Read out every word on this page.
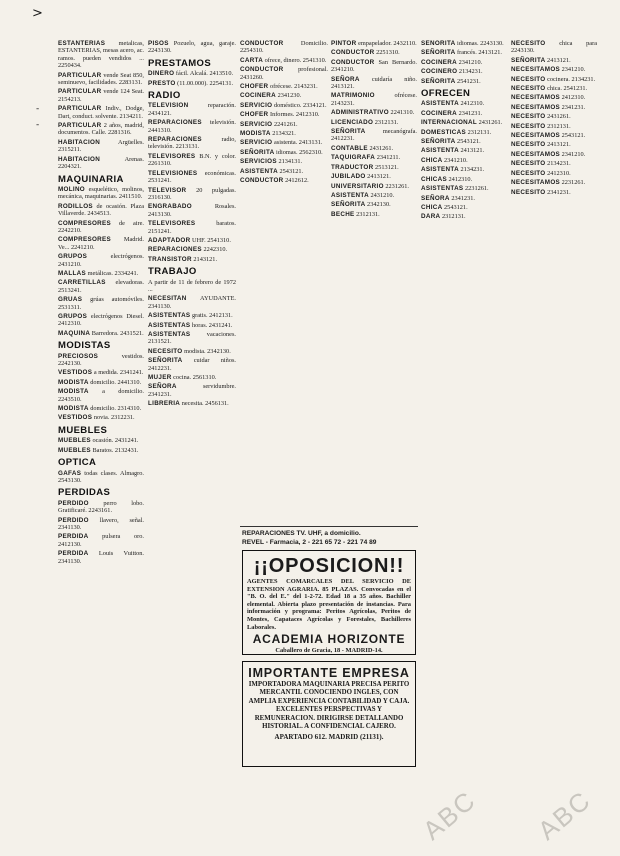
>
-
-
ESTANTERIAS metalicas, ESTANTERIAS, mesas acero, ac. ramos. pueden vendidos ... 2250434.
PARTICULAR vende Seat 850, seminuevo, facilidades. 2283131.
PARTICULAR vende 124 Seat. 2154213.
PARTICULAR Indiv., Dodge, Dart, conduct. solvente. 2134211.
PARTICULAR 2 años, madrid, documentos. Calle. 2281316.
HABITACION	Argüelles. 2315211.
HABITACION	Arenas. 2204321.
MAQUINARIA
MOLINO esquelético, molinos, mecánica, maquinarias. 2411510.
RODILLOS de ocasión. Plaza Villaverde. 2434513.
COMPRESORES de aire. 2242210.
COMPRESORES Madrid. Ve... 2241210.
GRUPOS	electrógenos. 2431210.
MALLAS metálicas. 2334241.
CARRETILLAS elevadoras. 2513241.
GRUAS grúas automóviles. 2531311.
GRUPOS electrógenos Diesel. 2412310.
MAQUINA Barredora. 2431521.
MODISTAS
PRECIOSOS	vestidos. 2242130.
VESTIDOS a medida. 2341241.
MODISTA domicilio. 2441310.
MODISTA a domicilio. 2243510.
MODISTA domicilio. 2314310.
VESTIDOS novia. 2312231.
MUEBLES
MUEBLES ocasión. 2431241.
MUEBLES Baratos. 2132431.
OPTICA
GAFAS todas clases. Almagro. 2543130.
PERDIDAS
PERDIDO perro lobo. Gratificaré. 2243161.
PERDIDO llavero, señal. 2341130.
PERDIDA pulsera oro. 2412130.
PERDIDA Louis Vuitton. 2341130.
PISOS Pozuelo, agua, garaje. 2243130.
PRESTAMOS
DINERO fácil. Alcalá. 2413510.
PRESTO (11.00.000). 2254131.
RADIO
TELEVISION	reparación. 2434121.
REPARACIONES televisión. 2441310.
REPARACIONES	radio, televisión. 2213131.
TELEVISORES B.N. y color. 2261310.
TELEVISIONES económicas. 2531241.
TELEVISOR 20 pulgadas. 2316130.
ENGRABADO	Rosales. 2413130.
TELEVISORES	baratos. 2151241.
ADAPTADOR UHF. 2541310.
REPARACIONES 2242310.
TRANSISTOR 2143121.
TRABAJO
A partir de 11 de febrero de 1972 ...
NECESITAN AYUDANTE. 2341130.
ASISTENTAS gratis. 2412131.
ASISTENTAS horas. 2431241.
ASISTENTAS	vacaciones. 2131521.
NECESITO modista. 2342130.
SEÑORITA cuidar niños. 2412231.
MUJER cocina. 2561310.
SEÑORA	servidumbre. 2341231.
LIBRERIA necesita. 2456131.
CONDUCTOR	Domicilio. 2254310.
CARTA ofrece, dinero. 2541310.
CONDUCTOR profesional. 2431260.
CHOFER ofrécese. 2143231.
COCINERA 2341230.
SERVICIO doméstico. 2334121.
CHOFER Informes. 2412310.
SERVICIO 2241261.
MODISTA 2134321.
SERVICIO asistenta. 2413131.
SEÑORITA idiomas. 2562310.
SERVICIOS 2134131.
ASISTENTA 2543121.
CONDUCTOR 2412612.
PINTOR empapelador. 2432110.
CONDUCTOR 2251310.
CONDUCTOR San Bernardo. 2341210.
SEÑORA cuidaría niño. 2413121.
MATRIMONIO	ofrécese. 2143231.
ADMINISTRATIVO 2241310.
LICENCIADO 2312131.
SEÑORITA	mecanógrafa. 2412231.
CONTABLE 2431261.
TAQUIGRAFA 2341211.
TRADUCTOR 2513121.
JUBILADO 2413121.
UNIVERSITARIO 2231261.
ASISTENTA 2431210.
SEÑORITA 2342130.
BECHE 2312131.
SEÑORITA idiomas. 2243130.
SEÑORITA francés. 2413121.
COCINERA 2341210.
COCINERO 2134231.
SEÑORITA 2541231.
OFRECEN
ASISTENTA 2412310.
COCINERA 2341231.
INTERNACIONAL 2431261.
DOMESTICAS 2312131.
SEÑORITA 2543121.
ASISTENTA 2413121.
CHICA 2341210.
ASISTENTA 2134231.
CHICAS 2412310.
ASISTENTAS 2231261.
SEÑORA 2341231.
CHICA 2543121.
DARA 2312131.
NECESITO chica para 2243130.
SEÑORITA 2413121.
NECESITAMOS 2341210.
NECESITO cocinera. 2134231.
NECESITO chica. 2541231.
NECESITAMOS 2412310.
NECESITAMOS 2341231.
NECESITO 2431261.
NECESITO 2312131.
NECESITAMOS 2543121.
NECESITO 2413121.
NECESITAMOS 2341210.
NECESITO 2134231.
NECESITO 2412310.
NECESITAMOS 2231261.
NECESITO 2341231.
REPARACIONES TV. UHF, a domicilio.
REVEL - Farmacia, 2 - 221 65 72 - 221 74 89
¡¡OPOSICION!!
AGENTES COMARCALES DEL SERVICIO DE EXTENSION AGRARIA. 85 PLAZAS. Convocadas en el "B. O. del E." del 1-2-72. Edad 18 a 35 años. Bachiller elemental. Abierta plazo presentación de instancias. Para información y programa: Peritos Agrícolas, Peritos de Montes, Capataces Agrícolas y Forestales, Bachilleres Laborales.
ACADEMIA HORIZONTE
Caballero de Gracia, 18 - MADRID-14.
IMPORTANTE EMPRESA
IMPORTADORA MAQUINARIA PRECISA PERITO MERCANTIL CONOCIENDO INGLES, CON AMPLIA EXPERIENCIA CONTABILIDAD Y CAJA. EXCELENTES PERSPECTIVAS Y REMUNERACION. DIRIGIRSE DETALLANDO HISTORIAL. A CONFIDENCIAL CAJERO.
APARTADO 612. MADRID (21131).
ABC ABC
